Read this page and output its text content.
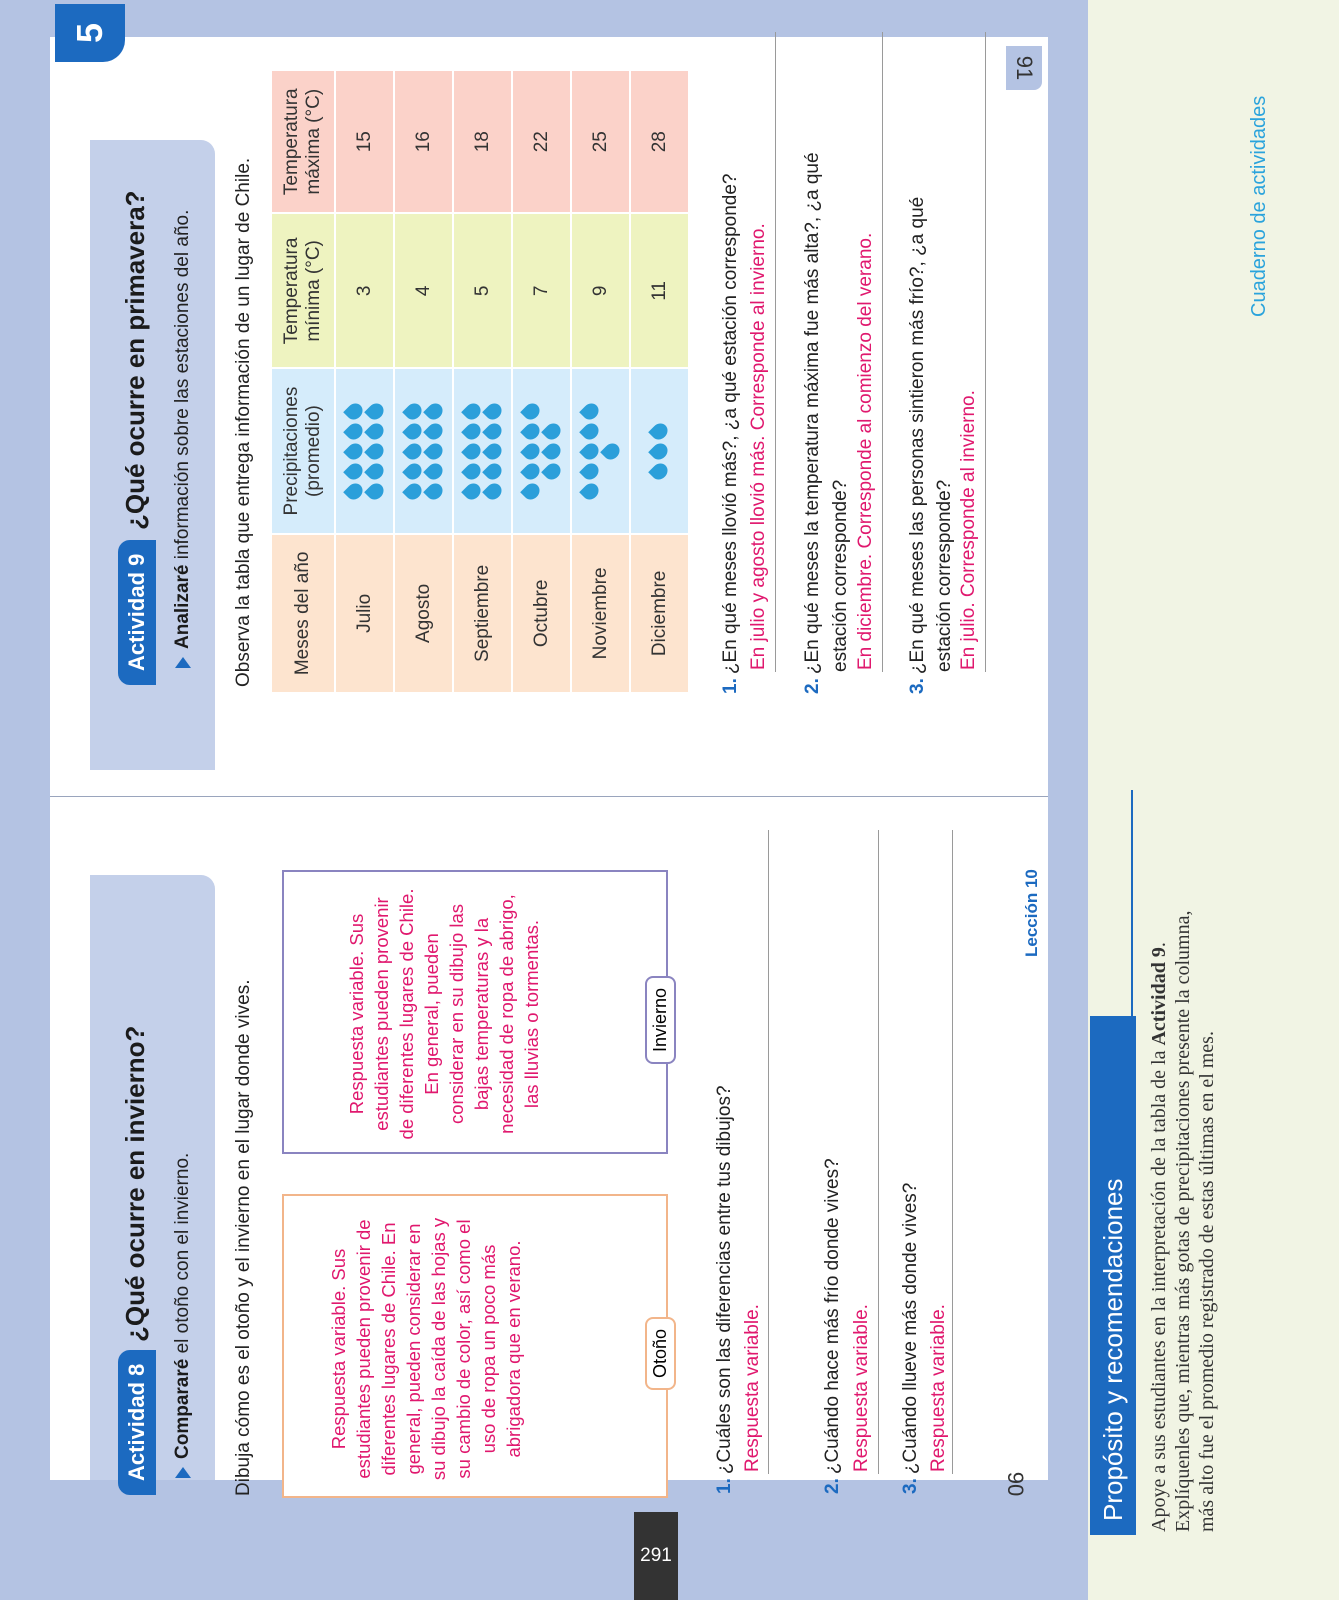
5
Actividad 8
¿Qué ocurre en invierno?
Compararé el otoño con el invierno. Dibuja cómo es el otoño y el invierno en el lugar donde vives.	Respuesta variable. Sus estudiantes pueden provenir de diferentes lugares de Chile. En general, pueden considerar en su dibujo la caída de las hojas y su cambio de color, así como el uso de ropa un poco más abrigadora que en verano.	Otoño
Respuesta variable. Sus estudiantes pueden provenir de diferentes lugares de Chile. En general, pueden considerar en su dibujo las bajas temperaturas y la necesidad de ropa de abrigo, las lluvias o tormentas.	Invierno
1.¿Cuáles son las diferencias entre tus dibujos? Respuesta variable.
2.¿Cuándo hace más frío donde vives? Respuesta variable.
3.¿Cuándo llueve más donde vives? Respuesta variable.
Lección 10
90
291
Actividad 9
¿Qué ocurre en primavera?
Analizaré información sobre las estaciones del año. Observa la tabla que entrega información de un lugar de Chile. Meses del año	Precipitaciones (promedio)	Temperatura mínima (°C)	Temperatura máxima (°C)
Julio		3	15
Agosto		4	16
Septiembre		5	18
Octubre		7	22
Noviembre		9	25
Diciembre		11	28
1.¿En qué meses llovió más?, ¿a qué estación corresponde? En julio y agosto llovió más. Corresponde al invierno.
2.¿En qué meses la temperatura máxima fue más alta?, ¿a qué estación corresponde? En diciembre. Corresponde al comienzo del verano.
3.¿En qué meses las personas sintieron más frío?, ¿a qué estación corresponde? En julio. Corresponde al invierno.
91
Propósito y recomendaciones	Apoye a sus estudiantes en la interpretación de la tabla de la Actividad 9. Explíquenles que, mientras más gotas de precipitaciones presente la columna, más alto fue el promedio registrado de estas últimas en el mes.
Cuaderno de actividades
